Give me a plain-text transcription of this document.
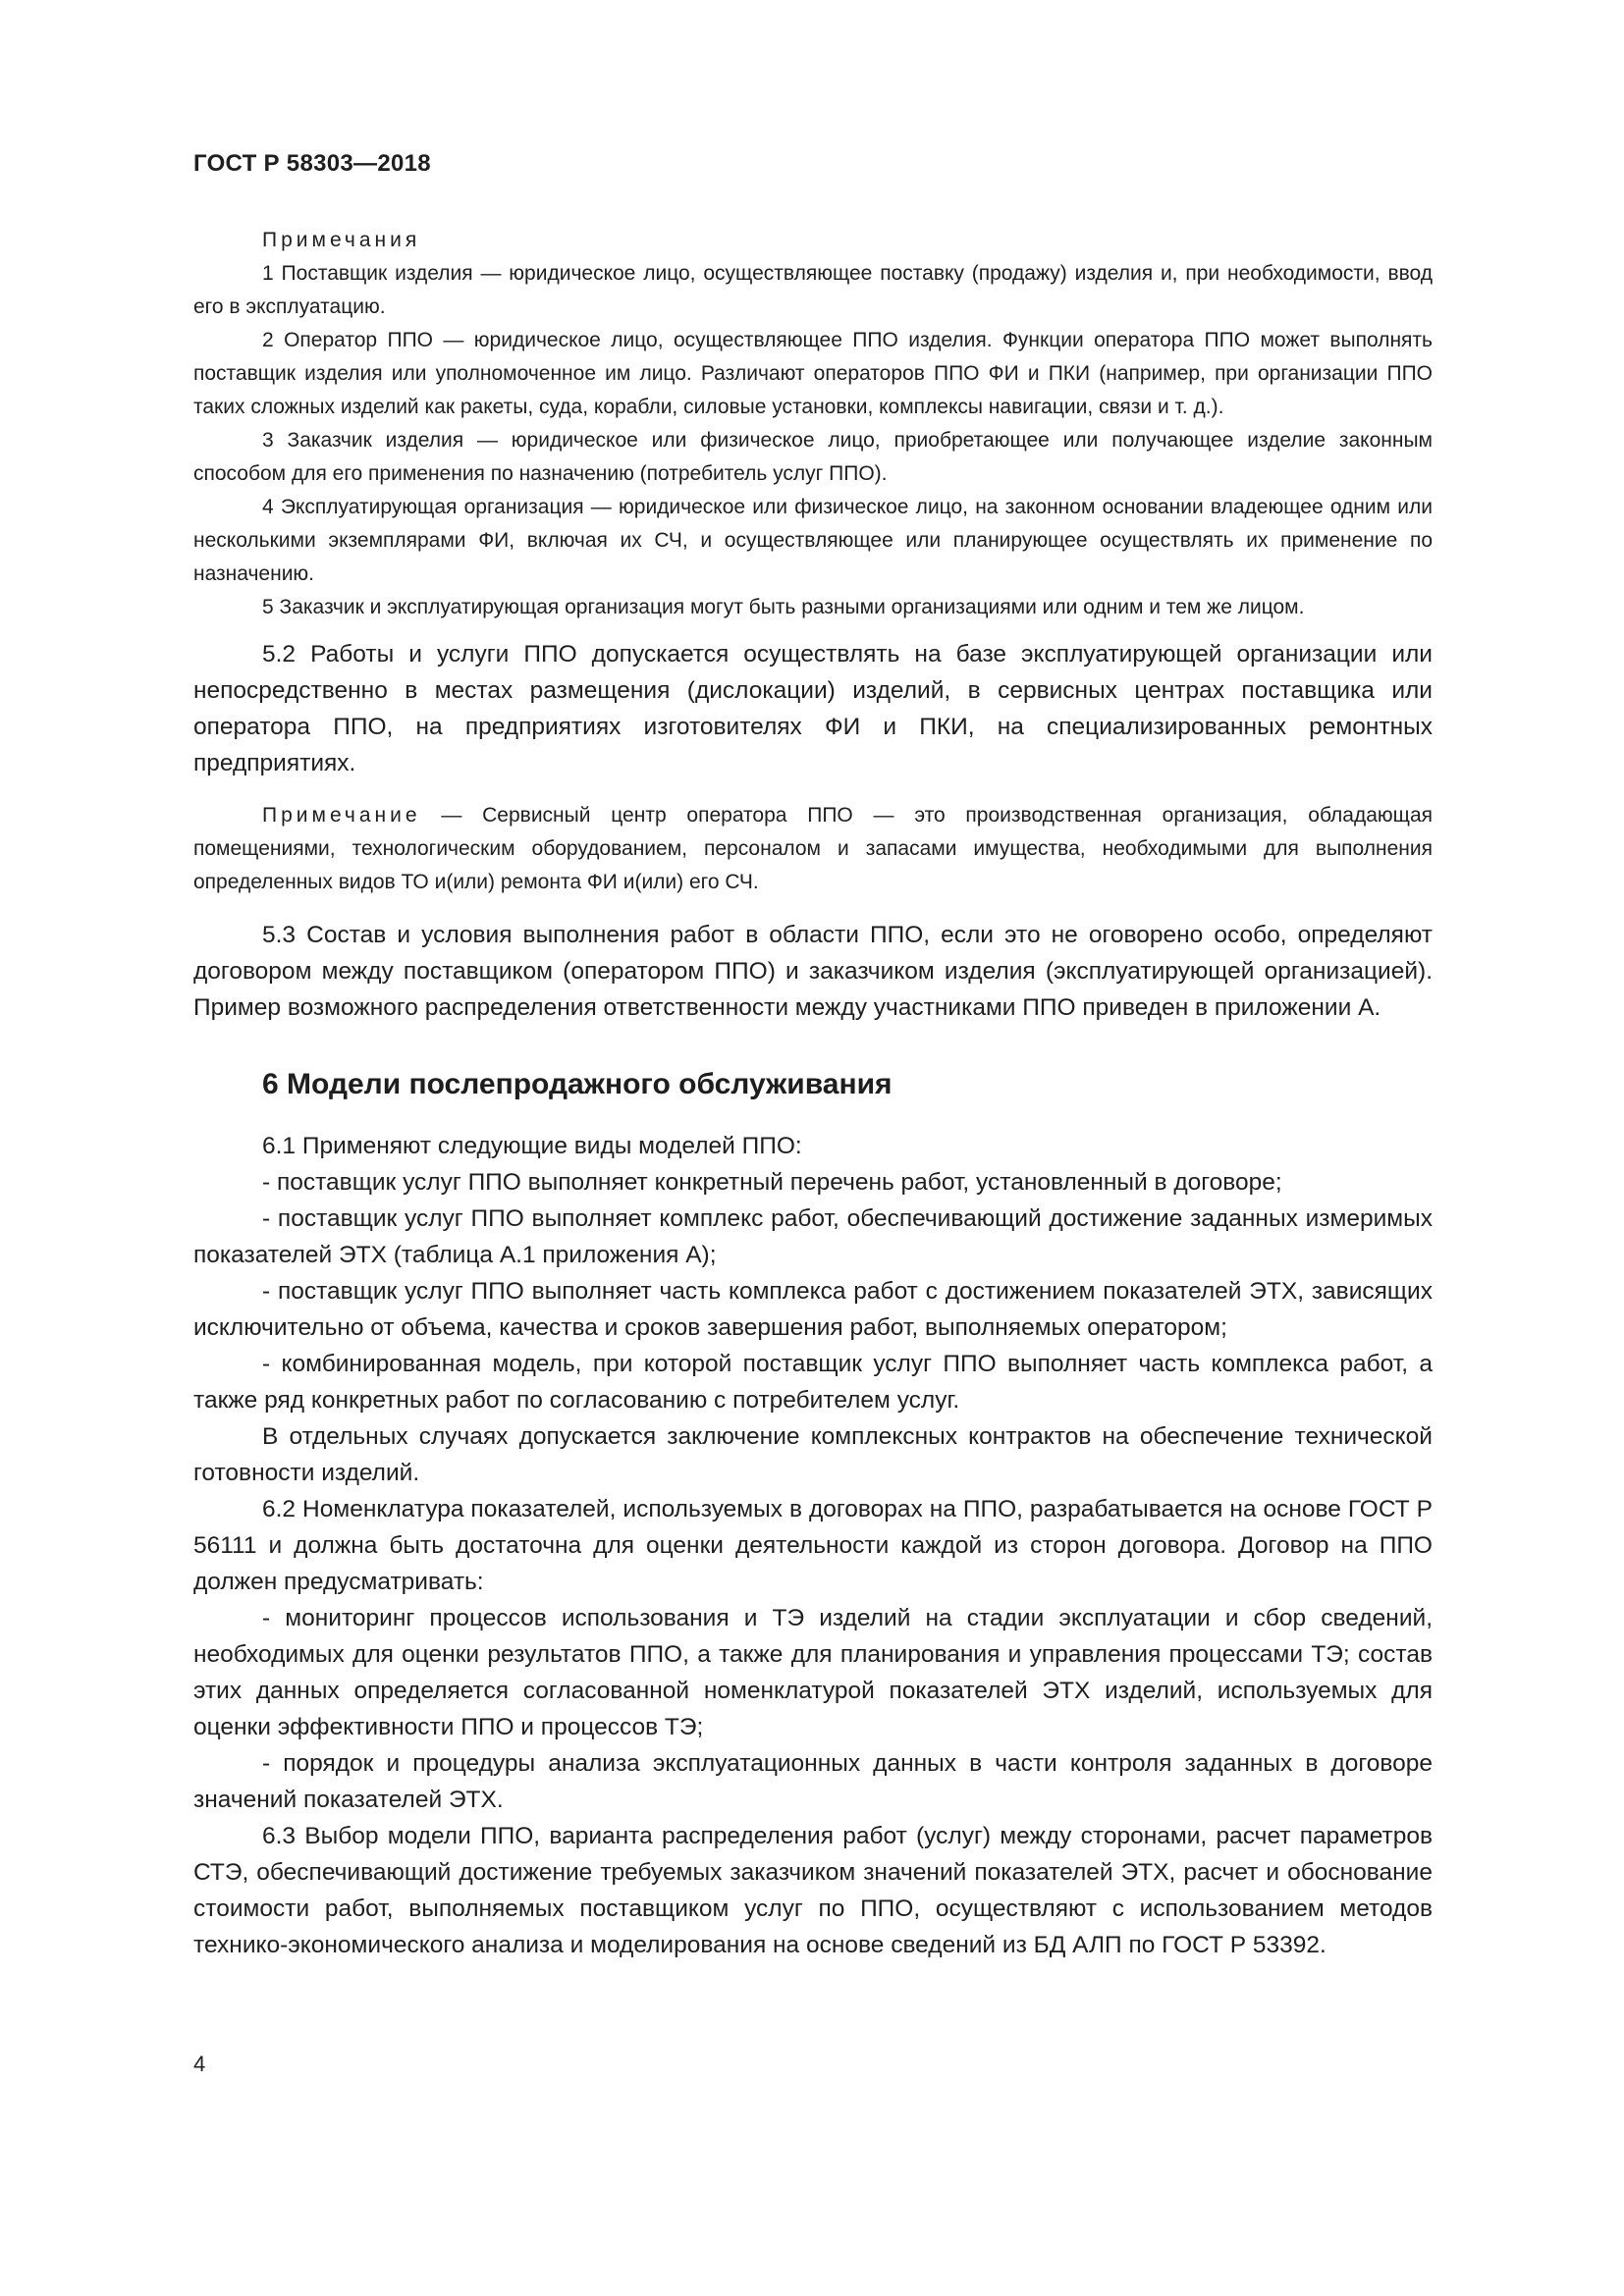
ГОСТ Р 58303—2018

Примечания

1 Поставщик изделия — юридическое лицо, осуществляющее поставку (продажу) изделия и, при необходимости, ввод его в эксплуатацию.

2 Оператор ППО — юридическое лицо, осуществляющее ППО изделия. Функции оператора ППО может выполнять поставщик изделия или уполномоченное им лицо. Различают операторов ППО ФИ и ПКИ (например, при организации ППО таких сложных изделий как ракеты, суда, корабли, силовые установки, комплексы навигации, связи и т. д.).

3 Заказчик изделия — юридическое или физическое лицо, приобретающее или получающее изделие законным способом для его применения по назначению (потребитель услуг ППО).

4 Эксплуатирующая организация — юридическое или физическое лицо, на законном основании владеющее одним или несколькими экземплярами ФИ, включая их СЧ, и осуществляющее или планирующее осуществлять их применение по назначению.

5 Заказчик и эксплуатирующая организация могут быть разными организациями или одним и тем же лицом.

5.2 Работы и услуги ППО допускается осуществлять на базе эксплуатирующей организации или непосредственно в местах размещения (дислокации) изделий, в сервисных центрах поставщика или оператора ППО, на предприятиях изготовителях ФИ и ПКИ, на специализированных ремонтных предприятиях.

Примечание — Сервисный центр оператора ППО — это производственная организация, обладающая помещениями, технологическим оборудованием, персоналом и запасами имущества, необходимыми для выполнения определенных видов ТО и(или) ремонта ФИ и(или) его СЧ.

5.3 Состав и условия выполнения работ в области ППО, если это не оговорено особо, определяют договором между поставщиком (оператором ППО) и заказчиком изделия (эксплуатирующей организацией). Пример возможного распределения ответственности между участниками ППО приведен в приложении А.

6 Модели послепродажного обслуживания

6.1 Применяют следующие виды моделей ППО:

- поставщик услуг ППО выполняет конкретный перечень работ, установленный в договоре;

- поставщик услуг ППО выполняет комплекс работ, обеспечивающий достижение заданных измеримых показателей ЭТХ (таблица А.1 приложения А);

- поставщик услуг ППО выполняет часть комплекса работ с достижением показателей ЭТХ, зависящих исключительно от объема, качества и сроков завершения работ, выполняемых оператором;

- комбинированная модель, при которой поставщик услуг ППО выполняет часть комплекса работ, а также ряд конкретных работ по согласованию с потребителем услуг.

В отдельных случаях допускается заключение комплексных контрактов на обеспечение технической готовности изделий.

6.2 Номенклатура показателей, используемых в договорах на ППО, разрабатывается на основе ГОСТ Р 56111 и должна быть достаточна для оценки деятельности каждой из сторон договора. Договор на ППО должен предусматривать:

- мониторинг процессов использования и ТЭ изделий на стадии эксплуатации и сбор сведений, необходимых для оценки результатов ППО, а также для планирования и управления процессами ТЭ; состав этих данных определяется согласованной номенклатурой показателей ЭТХ изделий, используемых для оценки эффективности ППО и процессов ТЭ;

- порядок и процедуры анализа эксплуатационных данных в части контроля заданных в договоре значений показателей ЭТХ.

6.3 Выбор модели ППО, варианта распределения работ (услуг) между сторонами, расчет параметров СТЭ, обеспечивающий достижение требуемых заказчиком значений показателей ЭТХ, расчет и обоснование стоимости работ, выполняемых поставщиком услуг по ППО, осуществляют с использованием методов технико-экономического анализа и моделирования на основе сведений из БД АЛП по ГОСТ Р 53392.

4
